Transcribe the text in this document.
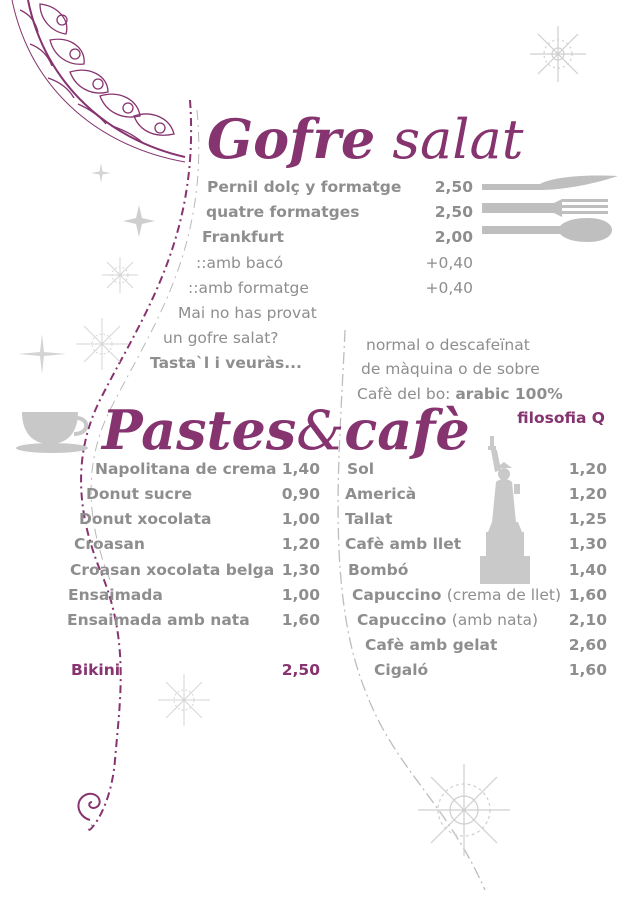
Gofre salat
Pernil dolç y formatge 2,50
quatre formatges	2,50
Frankfurt	2,00
::amb bacó	+0,40
::amb formatge	+0,40
Mai no has provat
un gofre salat?
Tasta`l i veuràs...
normal o descafeïnat
de màquina o de sobre
Cafè del bo: arabic 100%
filosofia Q
Pastes&cafè
Napolitana de crema 1,40
Donut sucre	0,90
Donut xocolata	1,00
Croasan	1,20
Croasan xocolata belga 1,30
Ensaimada	1,00
Ensaimada amb nata 1,60
Bikini	2,50
Sol	1,20
Americà	1,20
Tallat	1,25
Cafè amb llet	1,30
Bombó	1,40
Capuccino (crema de llet) 1,60
Capuccino (amb nata) 2,10
Cafè amb gelat	2,60
Cigaló	1,60
